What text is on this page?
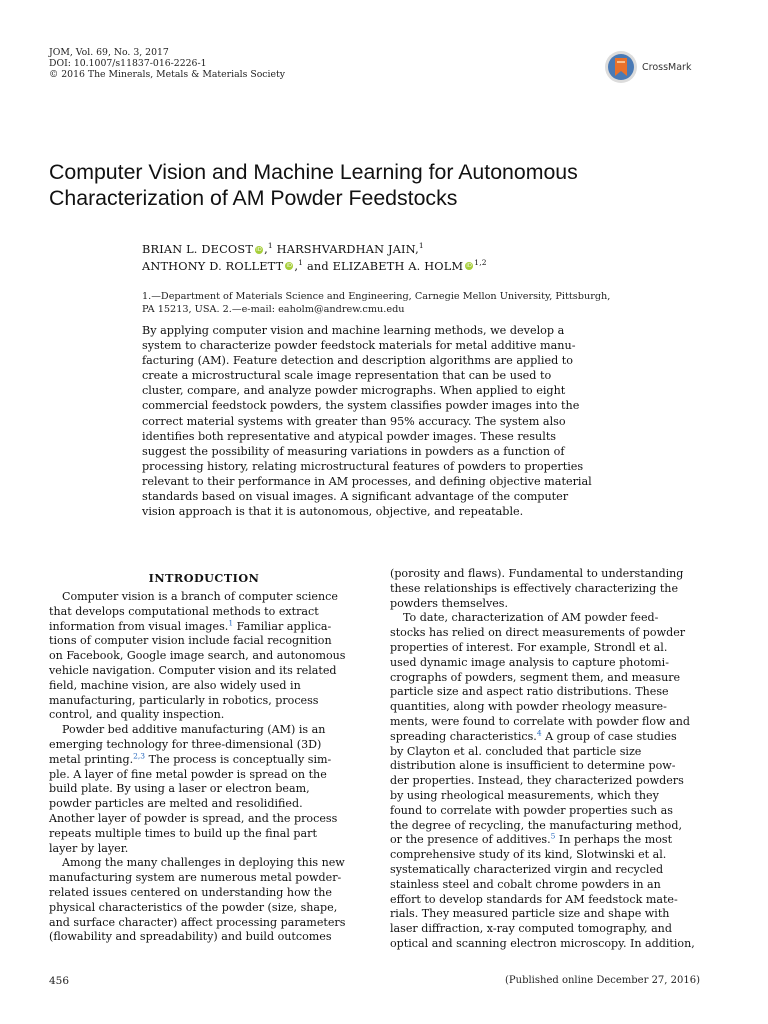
JOM, Vol. 69, No. 3, 2017
DOI: 10.1007/s11837-016-2226-1
© 2016 The Minerals, Metals & Materials Society
CrossMark
Computer Vision and Machine Learning for Autonomous
Characterization of AM Powder Feedstocks
BRIAN L. DECOST iD ,$^1$ HARSHVARDHAN JAIN,$^1$
ANTHONY D. ROLLETT iD ,$^1$ and ELIZABETH A. HOLM iD $^{1,2}$
1.—Department of Materials Science and Engineering, Carnegie Mellon University, Pittsburgh,
PA 15213, USA. 2.—e-mail: eaholm@andrew.cmu.edu
By applying computer vision and machine learning methods, we develop a
system to characterize powder feedstock materials for metal additive manu-
facturing (AM). Feature detection and description algorithms are applied to
create a microstructural scale image representation that can be used to
cluster, compare, and analyze powder micrographs. When applied to eight
commercial feedstock powders, the system classifies powder images into the
correct material systems with greater than 95% accuracy. The system also
identifies both representative and atypical powder images. These results
suggest the possibility of measuring variations in powders as a function of
processing history, relating microstructural features of powders to properties
relevant to their performance in AM processes, and defining objective material
standards based on visual images. A significant advantage of the computer
vision approach is that it is autonomous, objective, and repeatable.
INTRODUCTION
Computer vision is a branch of computer science
that develops computational methods to extract
information from visual images.$^1$ Familiar applica-
tions of computer vision include facial recognition
on Facebook, Google image search, and autonomous
vehicle navigation. Computer vision and its related
field, machine vision, are also widely used in
manufacturing, particularly in robotics, process
control, and quality inspection.
Powder bed additive manufacturing (AM) is an
emerging technology for three-dimensional (3D)
metal printing.$^{2,3}$ The process is conceptually sim-
ple. A layer of fine metal powder is spread on the
build plate. By using a laser or electron beam,
powder particles are melted and resolidified.
Another layer of powder is spread, and the process
repeats multiple times to build up the final part
layer by layer.
Among the many challenges in deploying this new
manufacturing system are numerous metal powder-
related issues centered on understanding how the
physical characteristics of the powder (size, shape,
and surface character) affect processing parameters
(flowability and spreadability) and build outcomes
(porosity and flaws). Fundamental to understanding
these relationships is effectively characterizing the
powders themselves.
To date, characterization of AM powder feed-
stocks has relied on direct measurements of powder
properties of interest. For example, Strondl et al.
used dynamic image analysis to capture photomi-
crographs of powders, segment them, and measure
particle size and aspect ratio distributions. These
quantities, along with powder rheology measure-
ments, were found to correlate with powder flow and
spreading characteristics.$^4$ A group of case studies
by Clayton et al. concluded that particle size
distribution alone is insufficient to determine pow-
der properties. Instead, they characterized powders
by using rheological measurements, which they
found to correlate with powder properties such as
the degree of recycling, the manufacturing method,
or the presence of additives.$^5$ In perhaps the most
comprehensive study of its kind, Slotwinski et al.
systematically characterized virgin and recycled
stainless steel and cobalt chrome powders in an
effort to develop standards for AM feedstock mate-
rials. They measured particle size and shape with
laser diffraction, x-ray computed tomography, and
optical and scanning electron microscopy. In addition,
456	(Published online December 27, 2016)
